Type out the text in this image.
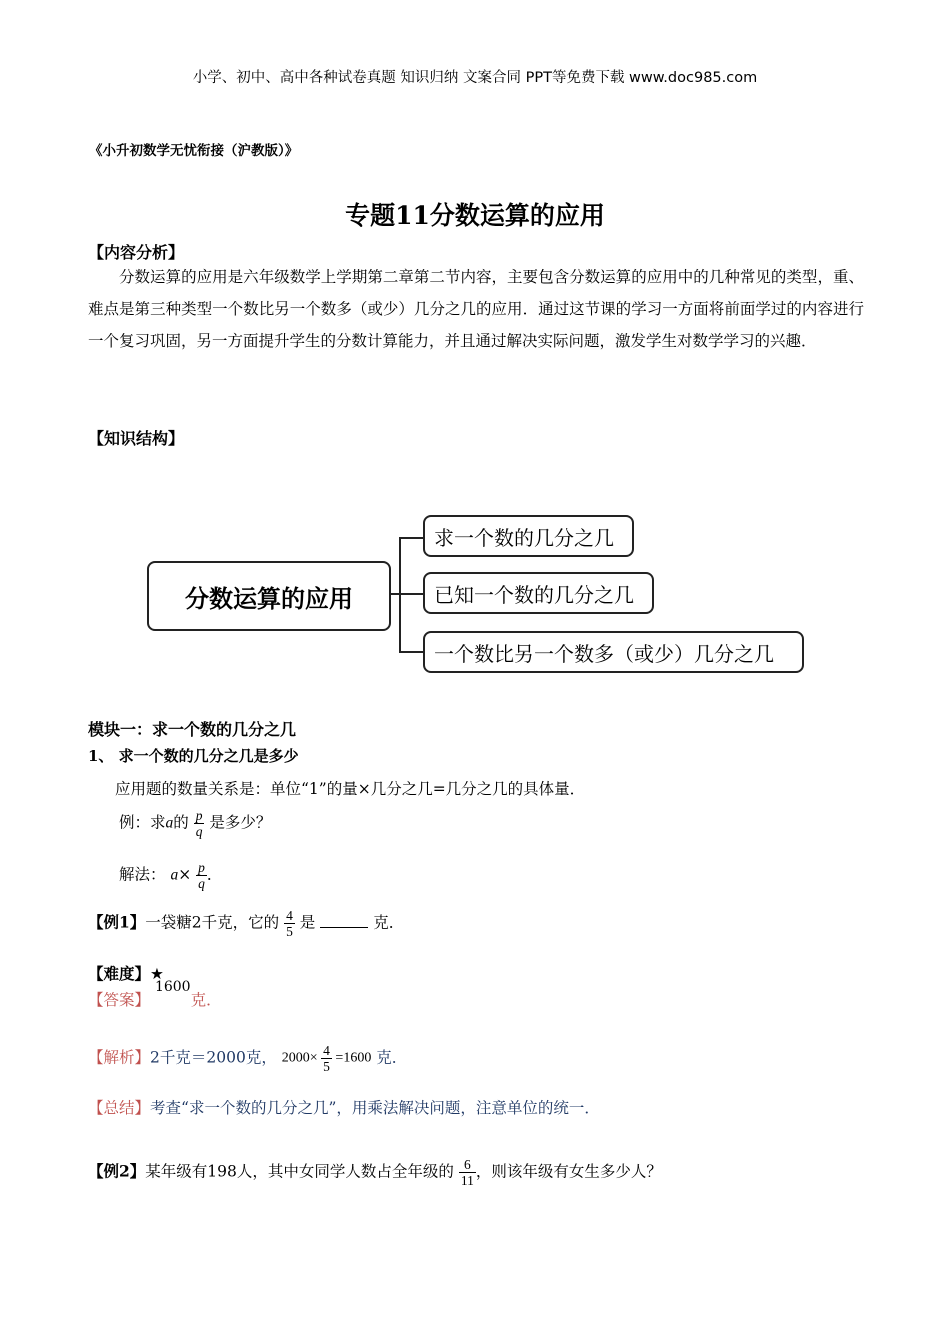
小学、初中、高中各种试卷真题 知识归纳 文案合同 PPT等免费下载 www.doc985.com
《小升初数学无忧衔接（沪教版）》
专题11分数运算的应用
【内容分析】
分数运算的应用是六年级数学上学期第二章第二节内容，主要包含分数运算的应用中的几种常见的类型，重、难点是第三种类型一个数比另一个数多（或少）几分之几的应用．通过这节课的学习一方面将前面学过的内容进行一个复习巩固，另一方面提升学生的分数计算能力，并且通过解决实际问题，激发学生对数学学习的兴趣．
【知识结构】
分数运算的应用
求一个数的几分之几
已知一个数的几分之几
一个数比另一个数多（或少）几分之几
模块一：求一个数的几分之几
1、 求一个数的几分之几是多少
应用题的数量关系是：单位“1”的量×几分之几=几分之几的具体量．
例：求a的 $\frac{p}{q}$ 是多少？
解法： $a\times \frac{p}{q}$ ．
【例1】一袋糖2千克，它的 $\frac{4}{5}$ 是	克．
【难度】★
【答案】 1600克．
【解析】2千克＝2000克， $2000\times \frac{4}{5} =1600$ 克．
【总结】考查“求一个数的几分之几”，用乘法解决问题，注意单位的统一．
【例2】某年级有198人，其中女同学人数占全年级的 $\frac{6}{11}$ ，则该年级有女生多少人？
